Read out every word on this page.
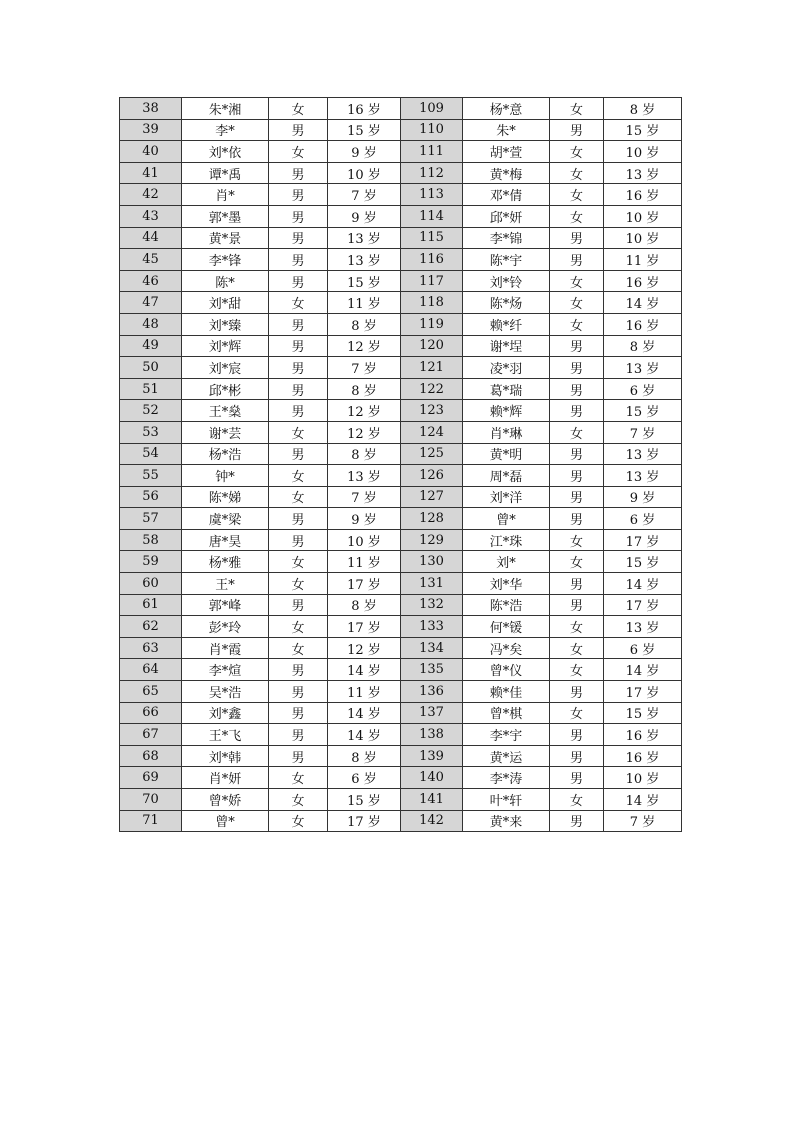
38	朱*湘	女	16 岁	109	杨*意	女	8 岁
39	李*	男	15 岁	110	朱*	男	15 岁
40	刘*依	女	9 岁	111	胡*萱	女	10 岁
41	谭*禹	男	10 岁	112	黄*梅	女	13 岁
42	肖*	男	7 岁	113	邓*倩	女	16 岁
43	郭*墨	男	9 岁	114	邱*妍	女	10 岁
44	黄*景	男	13 岁	115	李*锦	男	10 岁
45	李*锋	男	13 岁	116	陈*宇	男	11 岁
46	陈*	男	15 岁	117	刘*铃	女	16 岁
47	刘*甜	女	11 岁	118	陈*炀	女	14 岁
48	刘*臻	男	8 岁	119	赖*纤	女	16 岁
49	刘*辉	男	12 岁	120	谢*埕	男	8 岁
50	刘*宸	男	7 岁	121	凌*羽	男	13 岁
51	邱*彬	男	8 岁	122	葛*瑞	男	6 岁
52	王*燊	男	12 岁	123	赖*辉	男	15 岁
53	谢*芸	女	12 岁	124	肖*琳	女	7 岁
54	杨*浩	男	8 岁	125	黄*明	男	13 岁
55	钟*	女	13 岁	126	周*磊	男	13 岁
56	陈*娣	女	7 岁	127	刘*洋	男	9 岁
57	虞*梁	男	9 岁	128	曾*	男	6 岁
58	唐*昊	男	10 岁	129	江*珠	女	17 岁
59	杨*雅	女	11 岁	130	刘*	女	15 岁
60	王*	女	17 岁	131	刘*华	男	14 岁
61	郭*峰	男	8 岁	132	陈*浩	男	17 岁
62	彭*玲	女	17 岁	133	何*锾	女	13 岁
63	肖*霞	女	12 岁	134	冯*矣	女	6 岁
64	李*煊	男	14 岁	135	曾*仪	女	14 岁
65	吴*浩	男	11 岁	136	赖*佳	男	17 岁
66	刘*鑫	男	14 岁	137	曾*棋	女	15 岁
67	王*飞	男	14 岁	138	李*宇	男	16 岁
68	刘*韩	男	8 岁	139	黄*运	男	16 岁
69	肖*妍	女	6 岁	140	李*涛	男	10 岁
70	曾*娇	女	15 岁	141	叶*轩	女	14 岁
71	曾*	女	17 岁	142	黄*来	男	7 岁
